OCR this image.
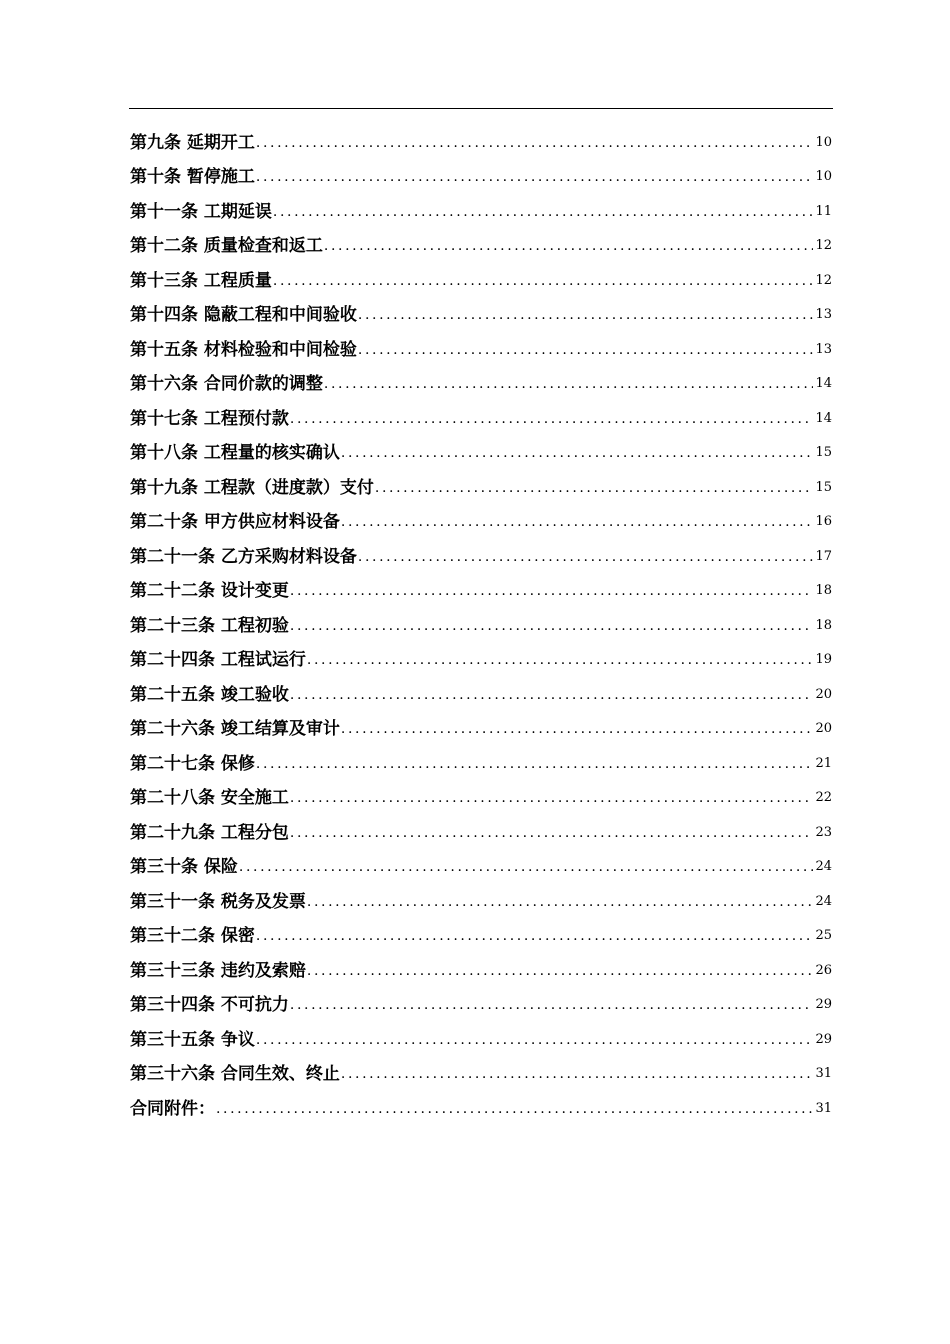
第九条 延期开工 .....	10
第十条 暂停施工 .....	10
第十一条 工期延误 .....	11
第十二条 质量检查和返工 .....	12
第十三条 工程质量 .....	12
第十四条 隐蔽工程和中间验收 .....	13
第十五条 材料检验和中间检验 .....	13
第十六条 合同价款的调整 .....	14
第十七条 工程预付款 .....	14
第十八条 工程量的核实确认 .....	15
第十九条 工程款（进度款）支付 .....	15
第二十条 甲方供应材料设备 .....	16
第二十一条 乙方采购材料设备 .....	17
第二十二条 设计变更 .....	18
第二十三条 工程初验 .....	18
第二十四条 工程试运行 .....	19
第二十五条 竣工验收 .....	20
第二十六条 竣工结算及审计 .....	20
第二十七条 保修 .....	21
第二十八条 安全施工 .....	22
第二十九条 工程分包 .....	23
第三十条 保险 .....	24
第三十一条 税务及发票 .....	24
第三十二条 保密 .....	25
第三十三条 违约及索赔 .....	26
第三十四条 不可抗力 .....	29
第三十五条 争议 .....	29
第三十六条 合同生效、终止 .....	31
合同附件： .....	31
